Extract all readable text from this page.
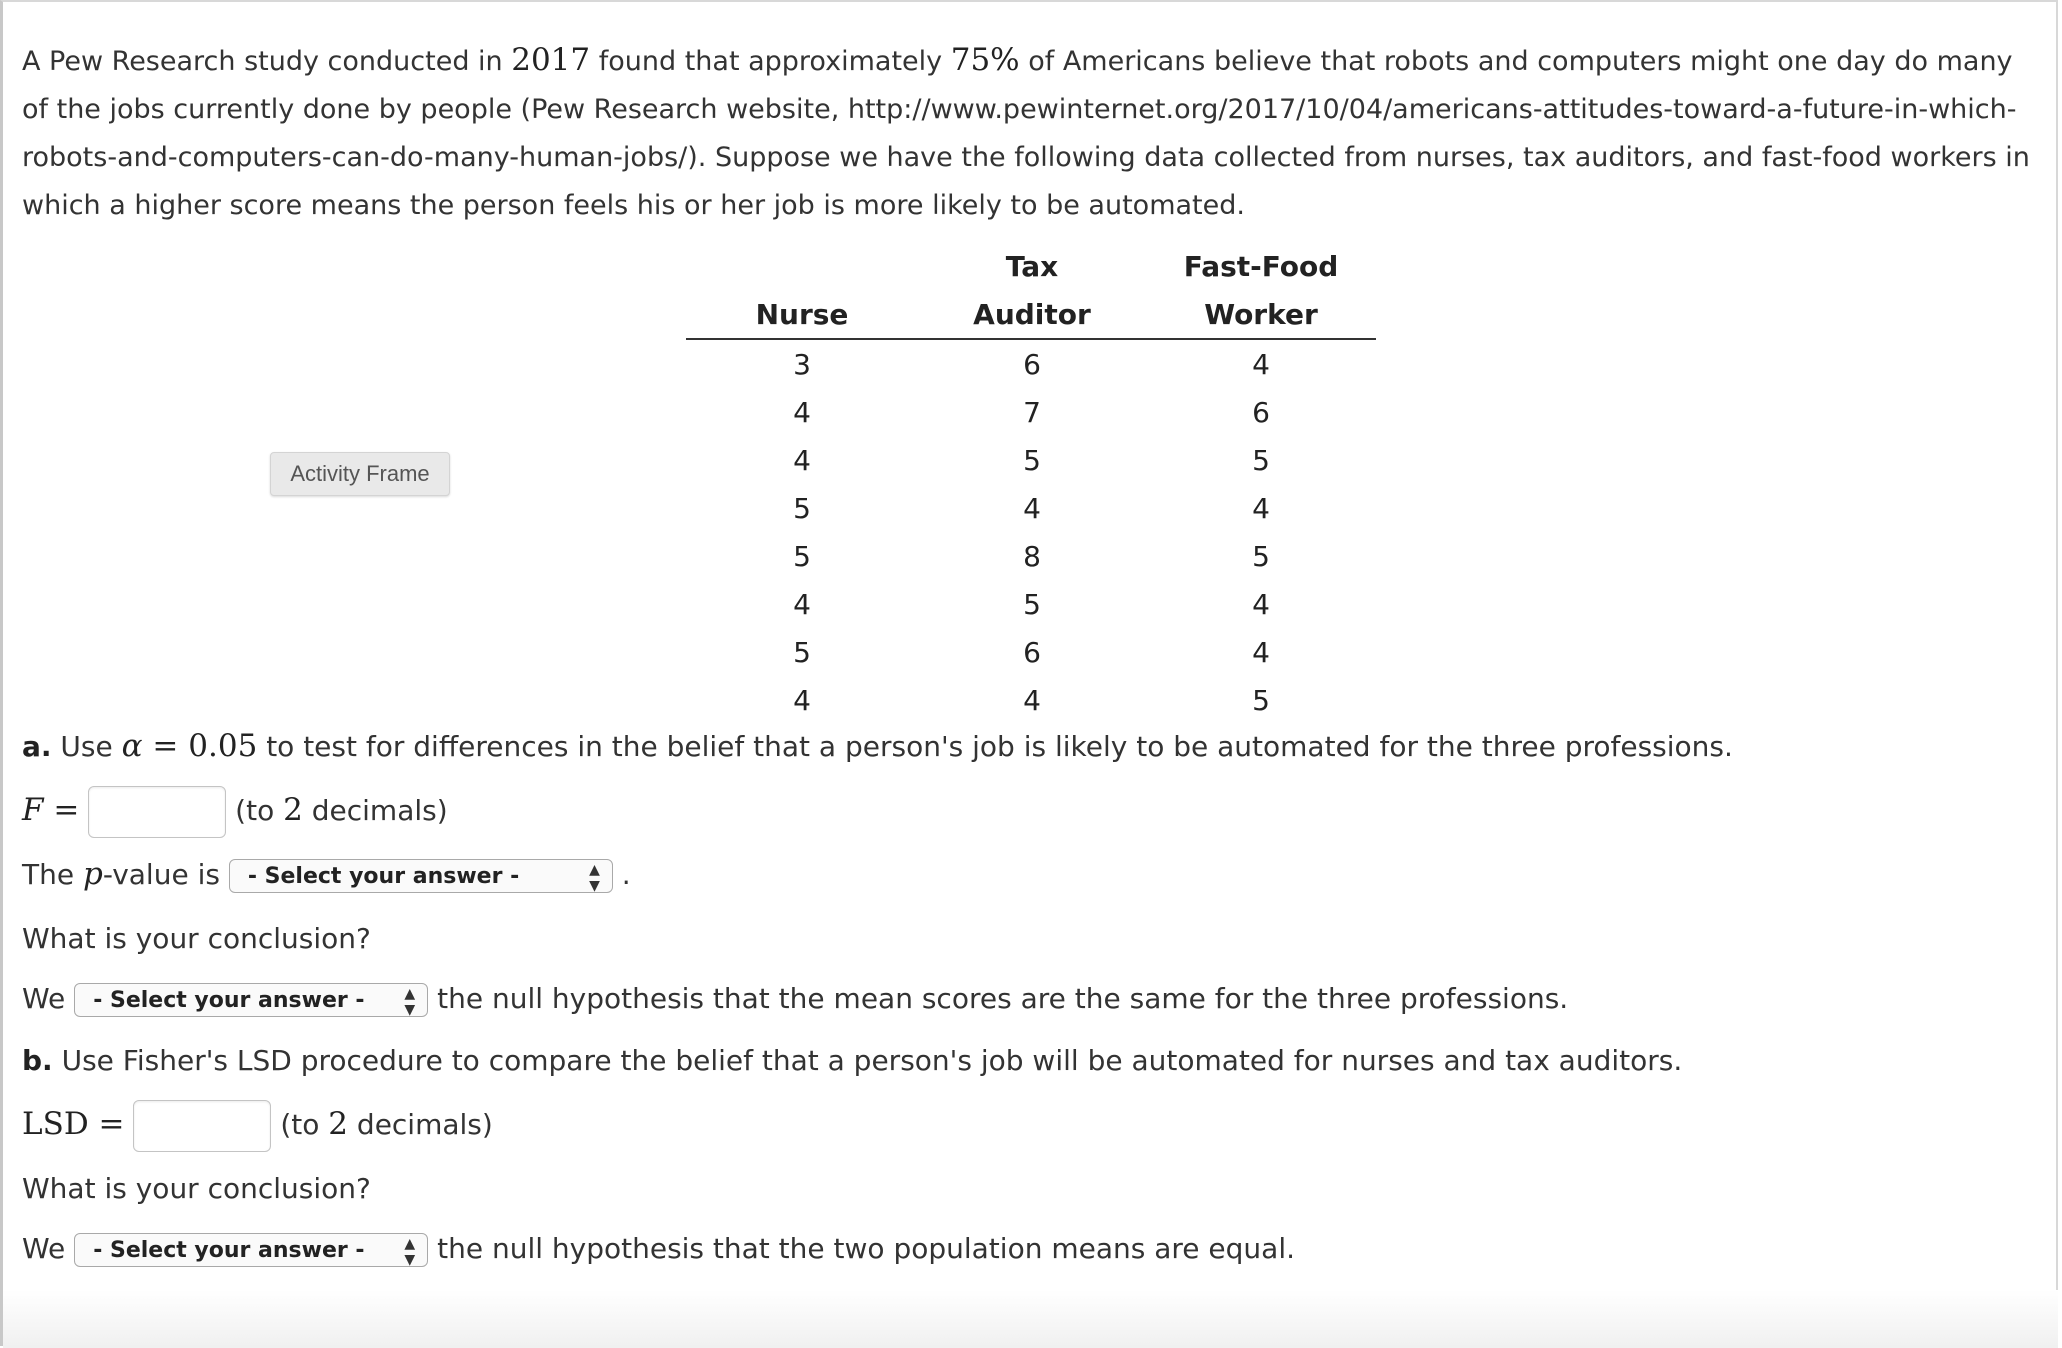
A Pew Research study conducted in 2017 found that approximately 75% of Americans believe that robots and computers might one day do many of the jobs currently done by people (Pew Research website, http://www.pewinternet.org/2017/10/04/americans-attitudes-toward-a-future-in-which-robots-and-computers-can-do-many-human-jobs/). Suppose we have the following data collected from nurses, tax auditors, and fast-food workers in which a higher score means the person feels his or her job is more likely to be automated.

	Tax	Fast-Food
Nurse	Auditor	Worker
3	6	4
4	7	6
4	5	5
5	4	4
5	8	5
4	5	4
5	6	4
4	4	5
Activity Frame
a. Use α = 0.05 to test for differences in the belief that a person's job is likely to be automated for the three professions.
F =	(to 2 decimals)
The p-value is - Select your answer -	▲
▼ .
What is your conclusion?
We - Select your answer -	▲
▼ the null hypothesis that the mean scores are the same for the three professions.
b. Use Fisher's LSD procedure to compare the belief that a person's job will be automated for nurses and tax auditors.
LSD =	(to 2 decimals)
What is your conclusion?
We - Select your answer -	▲
▼ the null hypothesis that the two population means are equal.
